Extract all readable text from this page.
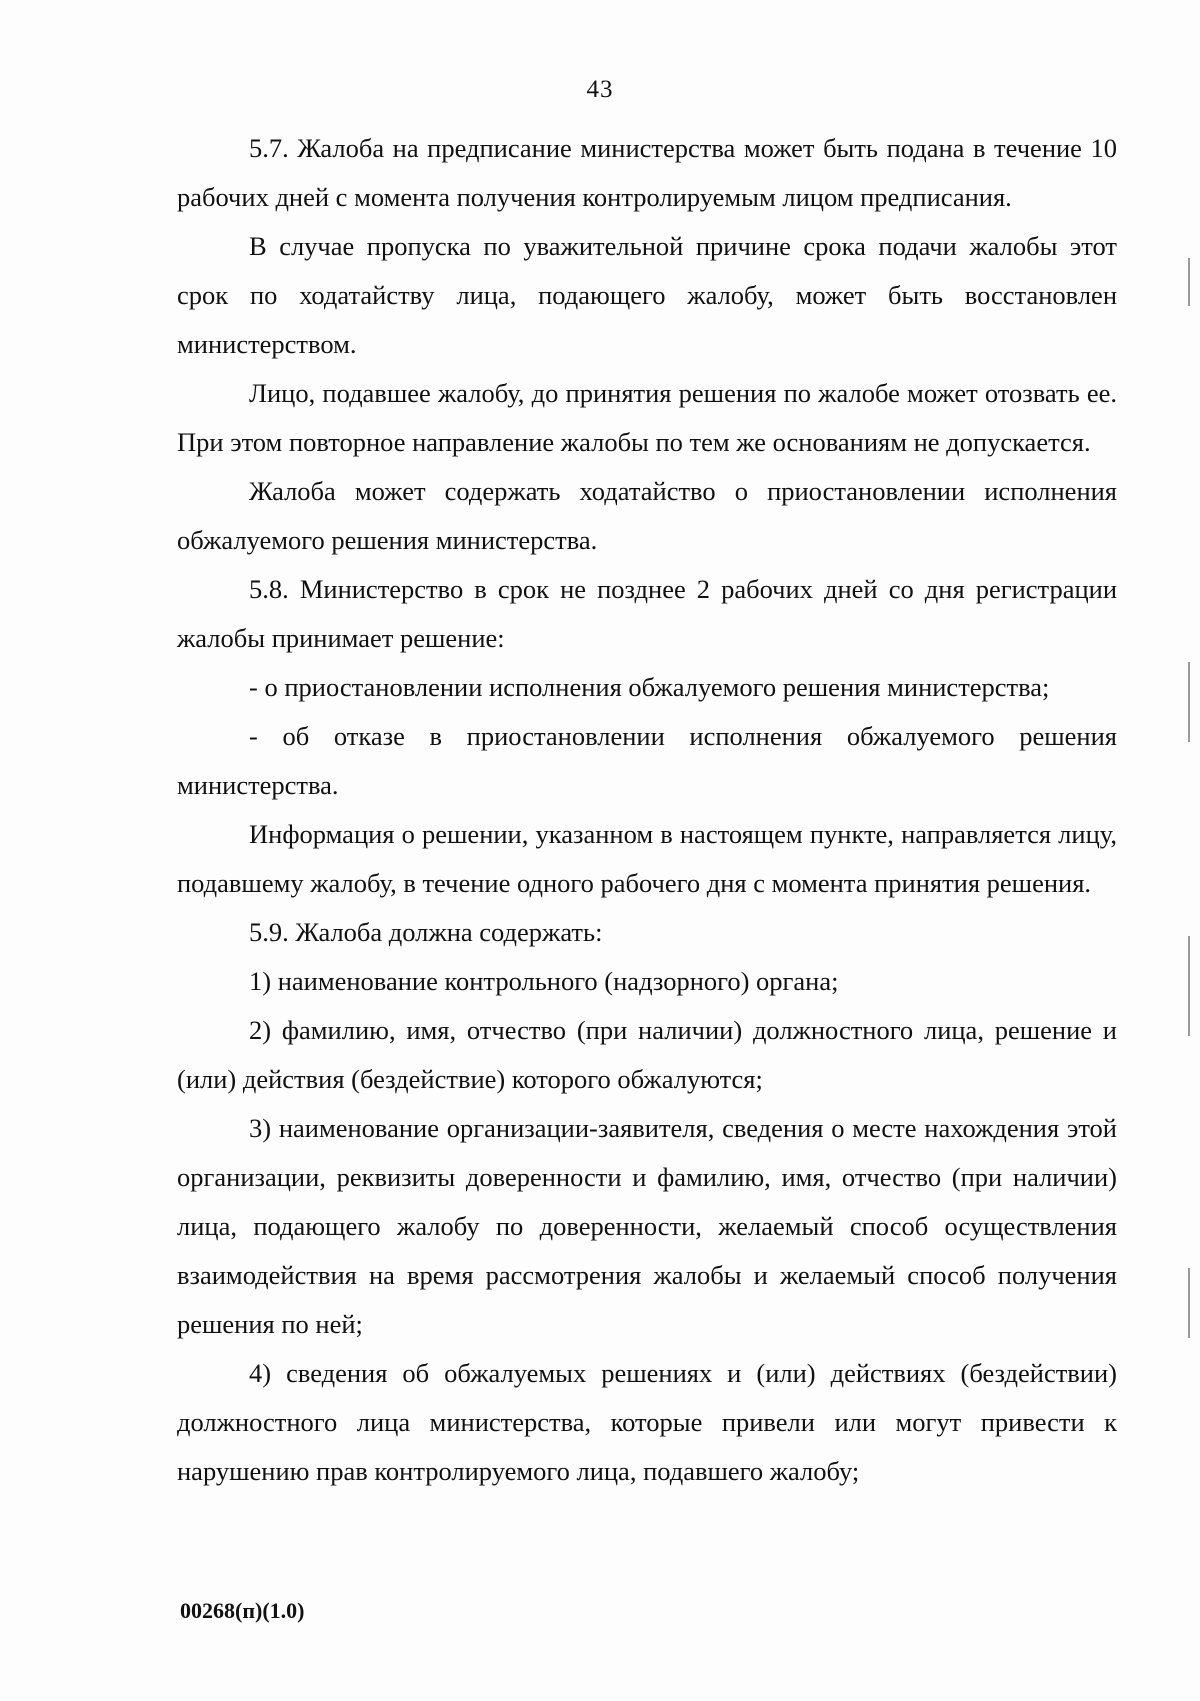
43

5.7. Жалоба на предписание министерства может быть подана в течение 10 рабочих дней с момента получения контролируемым лицом предписания.

В случае пропуска по уважительной причине срока подачи жалобы этот срок по ходатайству лица, подающего жалобу, может быть восстановлен министерством.

Лицо, подавшее жалобу, до принятия решения по жалобе может отозвать ее. При этом повторное направление жалобы по тем же основаниям не допускается.

Жалоба может содержать ходатайство о приостановлении исполнения обжалуемого решения министерства.

5.8. Министерство в срок не позднее 2 рабочих дней со дня регистрации жалобы принимает решение:

- о приостановлении исполнения обжалуемого решения министерства;

- об отказе в приостановлении исполнения обжалуемого решения министерства.

Информация о решении, указанном в настоящем пункте, направляется лицу, подавшему жалобу, в течение одного рабочего дня с момента принятия решения.

5.9. Жалоба должна содержать:

1) наименование контрольного (надзорного) органа;

2) фамилию, имя, отчество (при наличии) должностного лица, решение и (или) действия (бездействие) которого обжалуются;

3) наименование организации-заявителя, сведения о месте нахождения этой организации, реквизиты доверенности и фамилию, имя, отчество (при наличии) лица, подающего жалобу по доверенности, желаемый способ осуществления взаимодействия на время рассмотрения жалобы и желаемый способ получения решения по ней;

4) сведения об обжалуемых решениях и (или) действиях (бездействии) должностного лица министерства, которые привели или могут привести к нарушению прав контролируемого лица, подавшего жалобу;

00268(п)(1.0)
